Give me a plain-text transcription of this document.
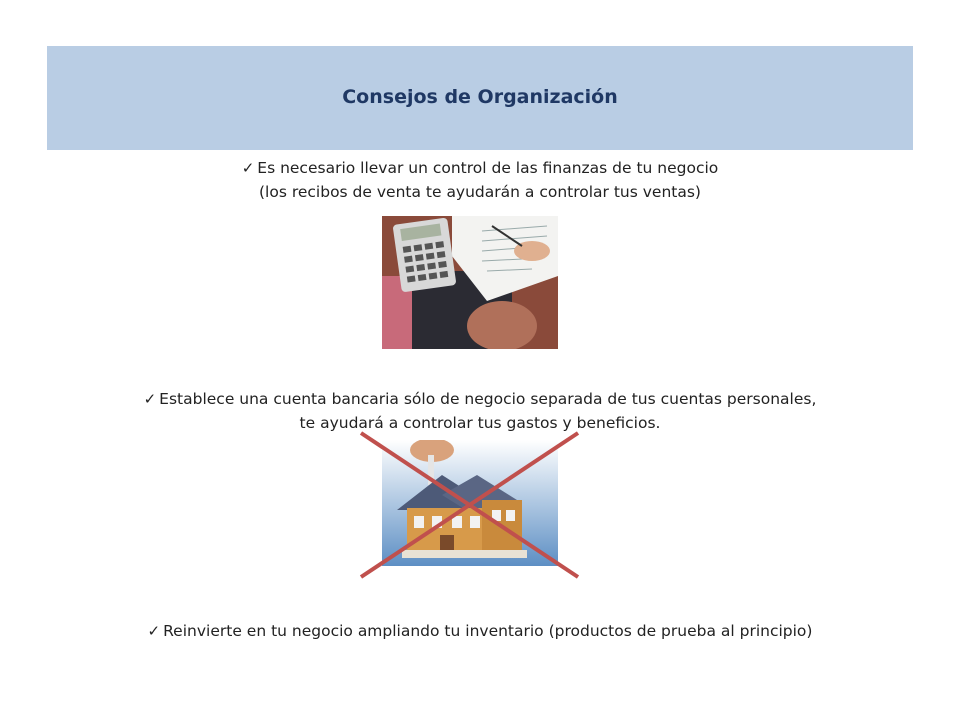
Consejos de Organización
✓ Es necesario llevar un control de las finanzas de tu negocio
(los recibos de venta te ayudarán a controlar tus ventas)
✓ Establece una cuenta bancaria sólo de negocio separada de tus cuentas personales,
te ayudará a controlar tus gastos y beneficios.
✓ Reinvierte en tu negocio ampliando tu inventario (productos de prueba al principio)
